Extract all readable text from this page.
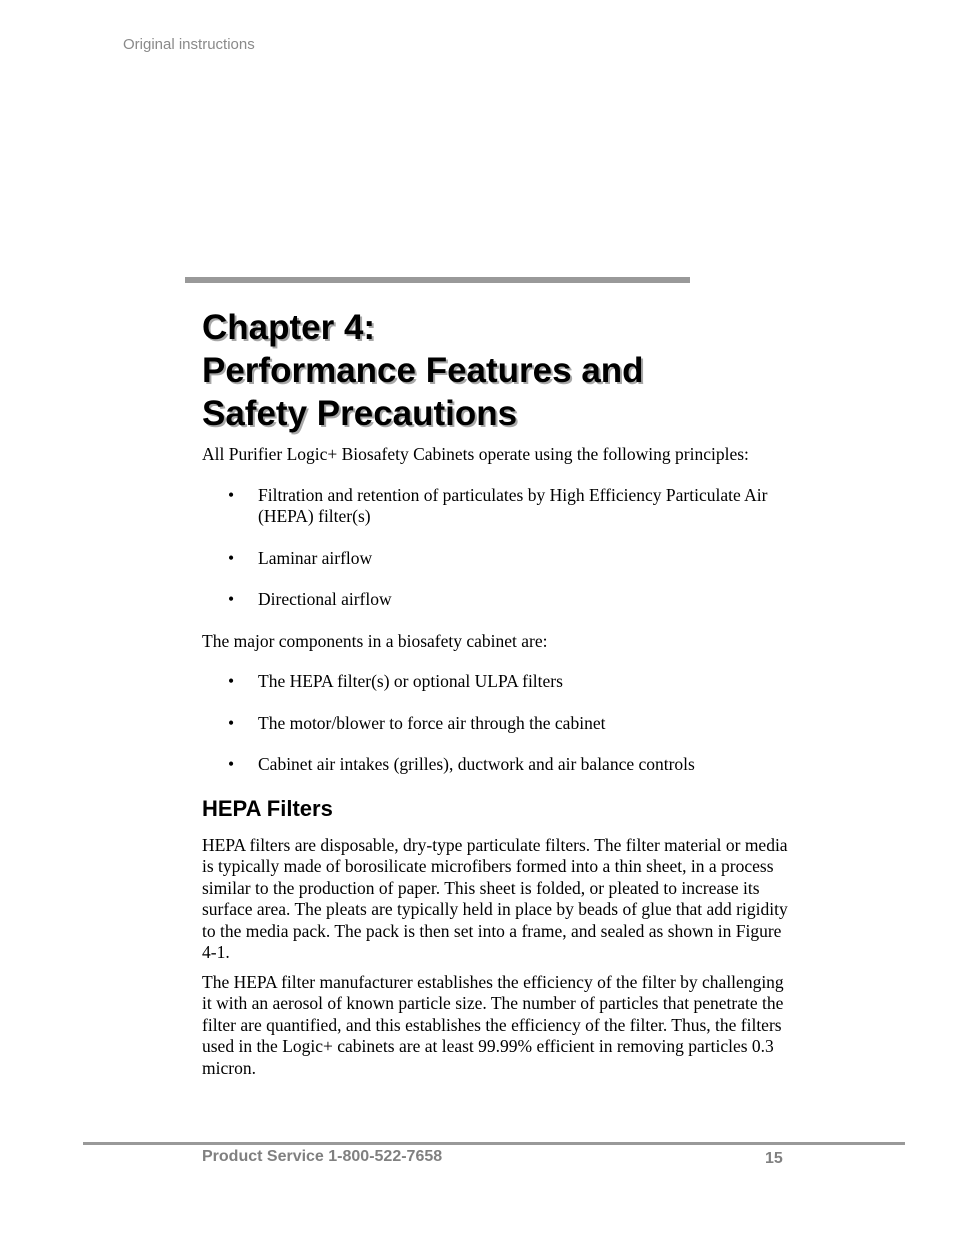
Original instructions
Chapter 4:
Performance Features and
Safety Precautions

All Purifier Logic+ Biosafety Cabinets operate using the following principles:

• Filtration and retention of particulates by High Efficiency Particulate Air (HEPA) filter(s)
• Laminar airflow
• Directional airflow

The major components in a biosafety cabinet are:

• The HEPA filter(s) or optional ULPA filters
• The motor/blower to force air through the cabinet
• Cabinet air intakes (grilles), ductwork and air balance controls
HEPA Filters

HEPA filters are disposable, dry-type particulate filters. The filter material or media is typically made of borosilicate microfibers formed into a thin sheet, in a process similar to the production of paper. This sheet is folded, or pleated to increase its surface area. The pleats are typically held in place by beads of glue that add rigidity to the media pack. The pack is then set into a frame, and sealed as shown in Figure 4-1.

The HEPA filter manufacturer establishes the efficiency of the filter by challenging it with an aerosol of known particle size. The number of particles that penetrate the filter are quantified, and this establishes the efficiency of the filter. Thus, the filters used in the Logic+ cabinets are at least 99.99% efficient in removing particles 0.3 micron.

Product Service 1-800-522-7658	15
